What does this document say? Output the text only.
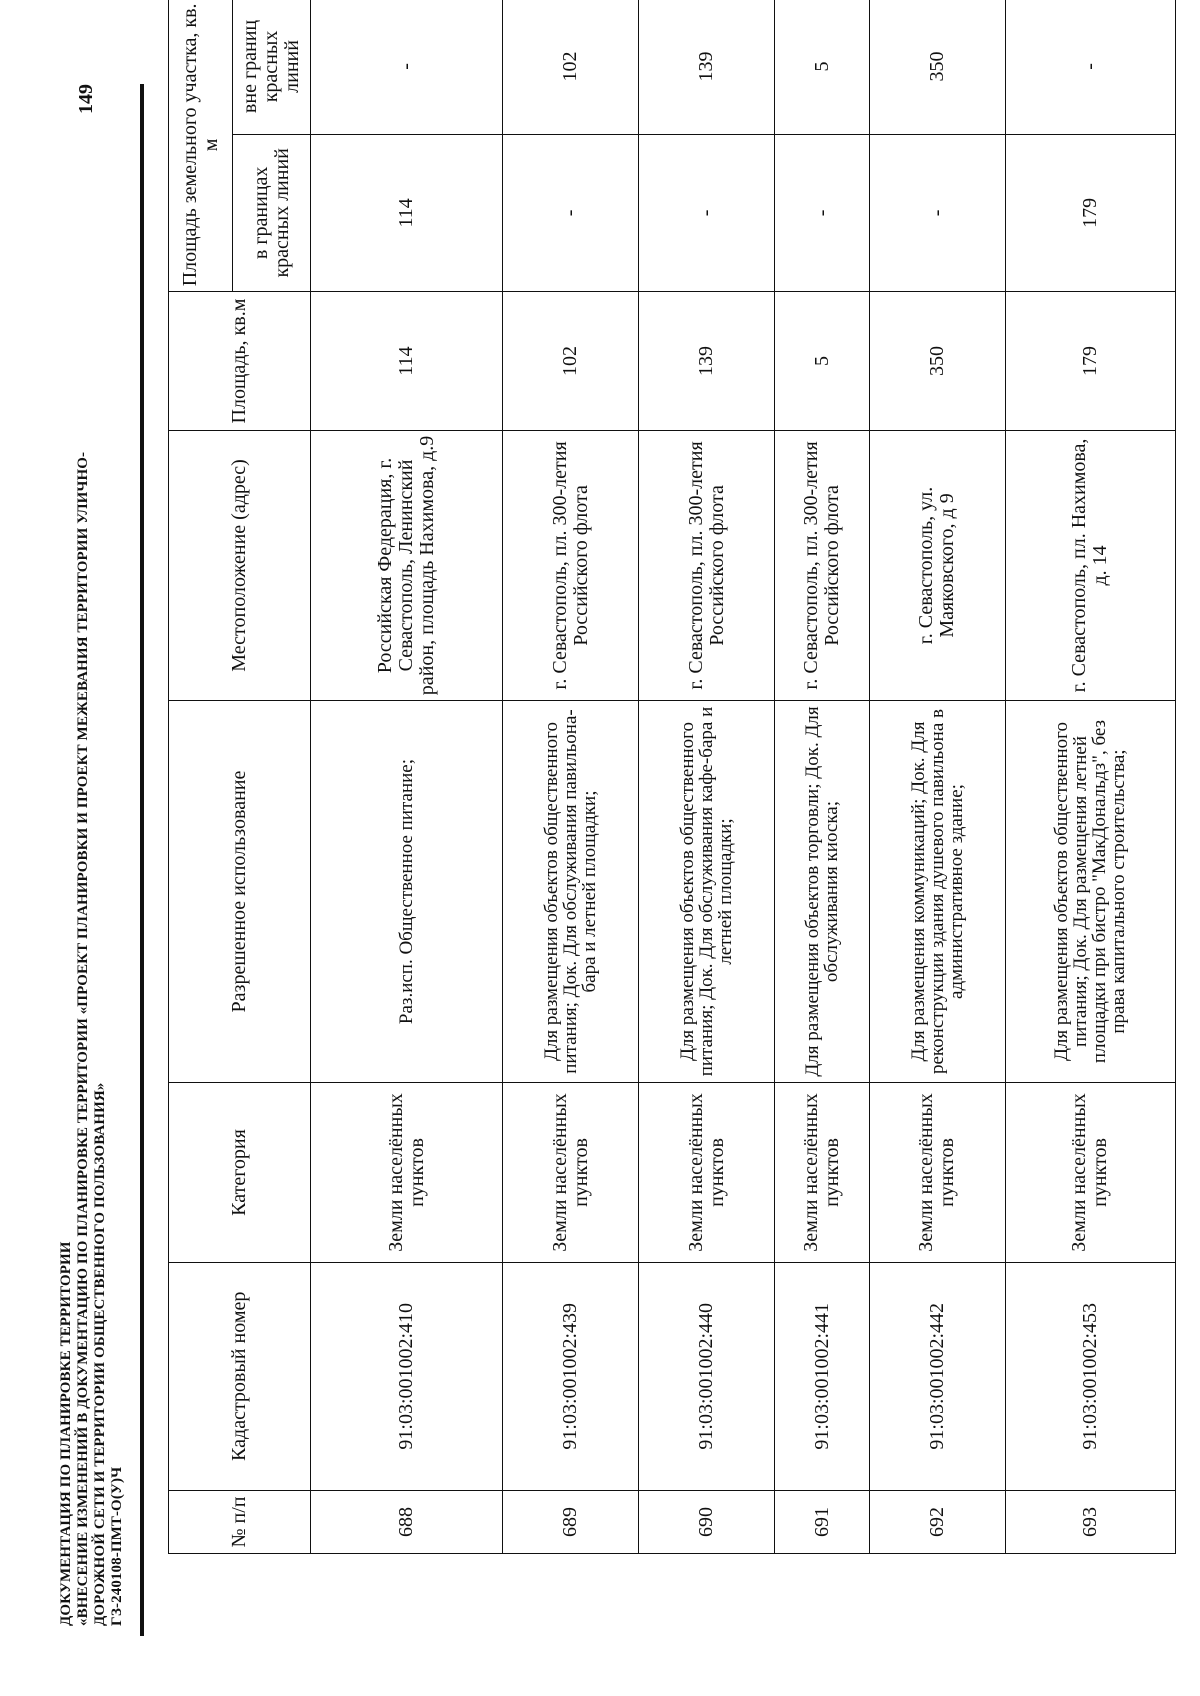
ДОКУМЕНТАЦИЯ ПО ПЛАНИРОВКЕ ТЕРРИТОРИИ «ВНЕСЕНИЕ ИЗМЕНЕНИЙ В ДОКУМЕНТАЦИЮ ПО ПЛАНИРОВКЕ ТЕРРИТОРИИ «ПРОЕКТ ПЛАНИРОВКИ И ПРОЕКТ МЕЖЕВАНИЯ ТЕРРИТОРИИ УЛИЧНО- ДОРОЖНОЙ СЕТИ И ТЕРРИТОРИИ ОБЩЕСТВЕННОГО ПОЛЬЗОВАНИЯ» ГЗ-240108-ПМТ-О(У)Ч
149
№ п/п	Кадастровый номер	Категория	Разрешенное использование	Местоположение (адрес)	Площадь, кв.м	Площадь земельного участка, кв. м	
						в границах красных линий	вне границ красных линий
688	91:03:001002:410	Земли населённых пунктов	Раз.исп. Общественное питание;	Российская Федерация, г. Севастополь, Ленинский район, площадь Нахимова, д.9	114	114	-
689	91:03:001002:439	Земли населённых пунктов	Для размещения объектов общественного питания; Док. Для обслуживания павильона-бара и летней площадки;	г. Севастополь, пл. 300-летия Российского флота	102	-	102
690	91:03:001002:440	Земли населённых пунктов	Для размещения объектов общественного питания; Док. Для обслуживания кафе-бара и летней площадки;	г. Севастополь, пл. 300-летия Российского флота	139	-	139
691	91:03:001002:441	Земли населённых пунктов	Для размещения объектов торговли; Док. Для обслуживания киоска;	г. Севастополь, пл. 300-летия Российского флота	5	-	5
692	91:03:001002:442	Земли населённых пунктов	Для размещения коммуникаций; Док. Для реконструкции здания душевого павильона в административное здание;	г. Севастополь, ул. Маяковского, д 9	350	-	350
693	91:03:001002:453	Земли населённых пунктов	Для размещения объектов общественного питания; Док. Для размещения летней площадки при бистро "МакДональдз", без права капитального строительства;	г. Севастополь, пл. Нахимова, д. 14	179	179	-
